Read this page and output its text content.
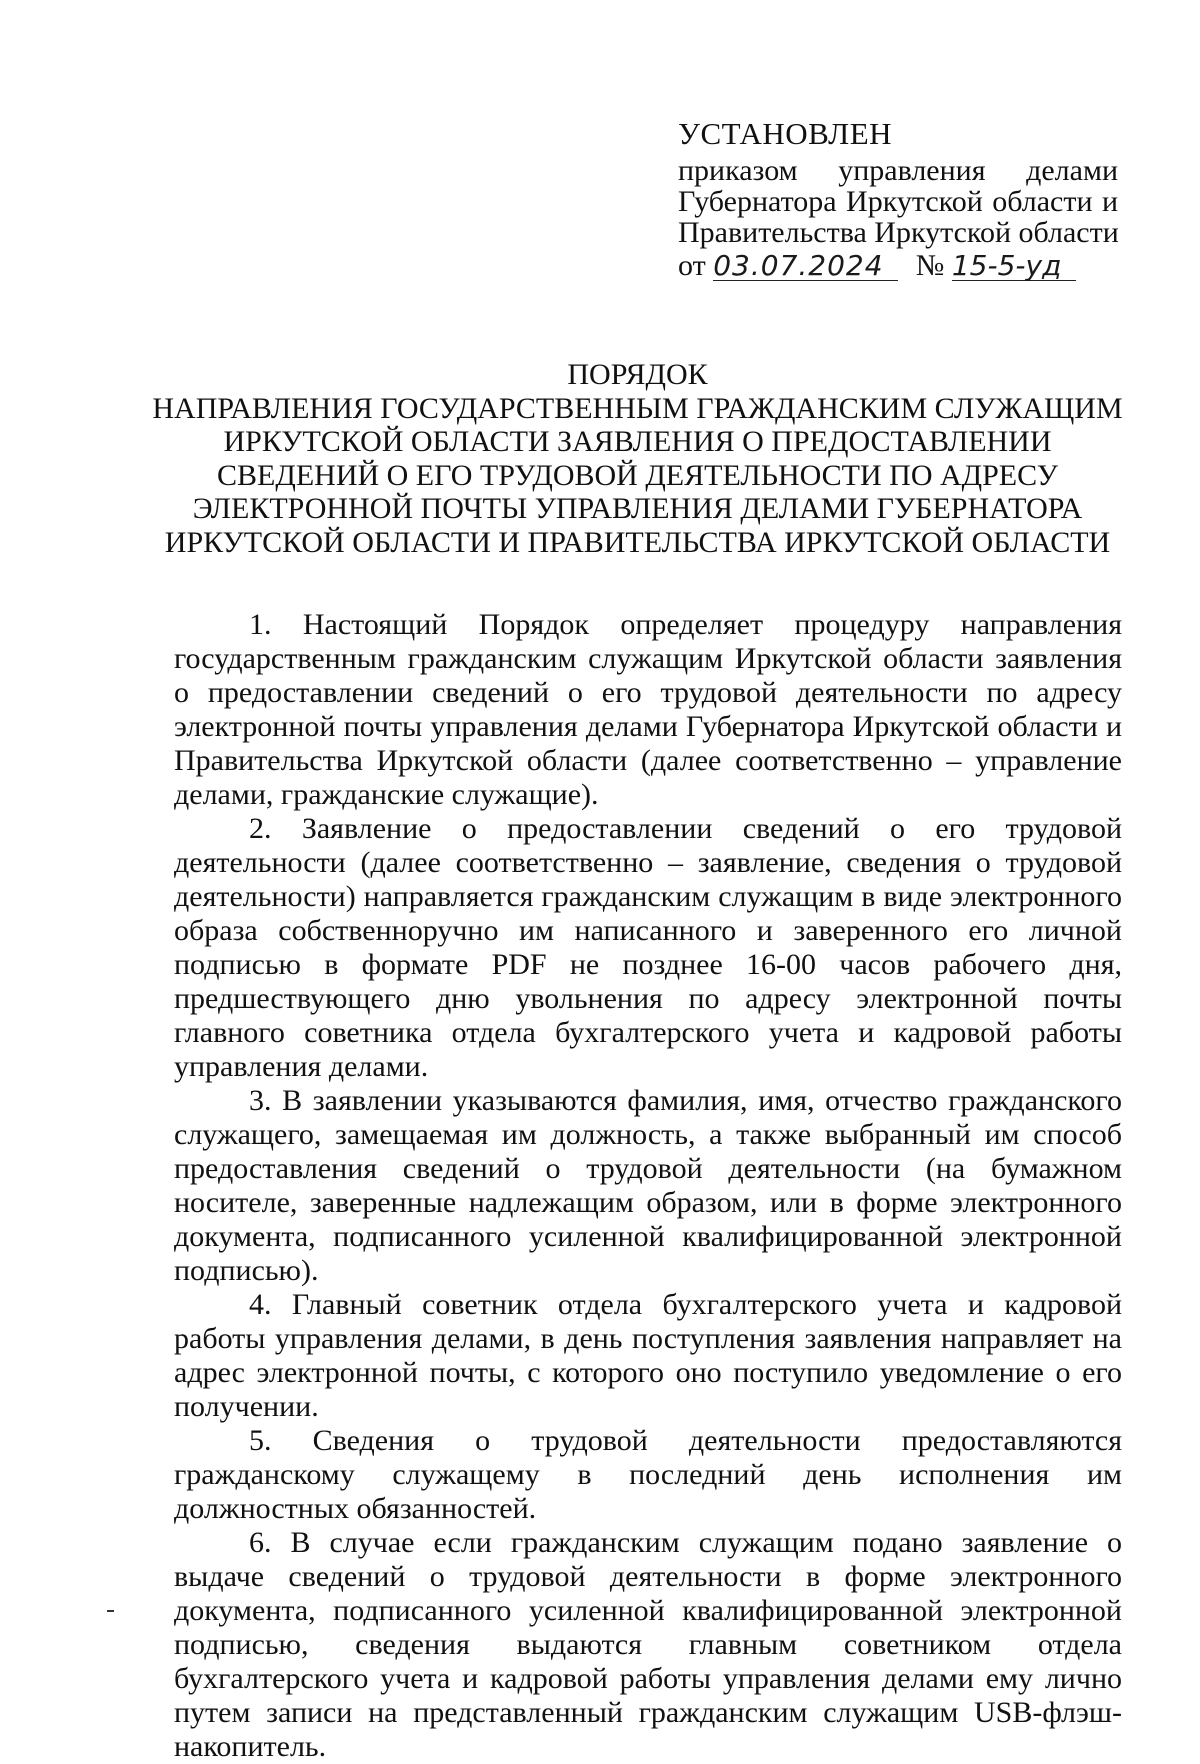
УСТАНОВЛЕН
приказом управления делами
Губернатора Иркутской области и
Правительства Иркутской области
от 03.07.2024 № 15-5-уд
ПОРЯДОК
НАПРАВЛЕНИЯ ГОСУДАРСТВЕННЫМ ГРАЖДАНСКИМ СЛУЖАЩИМ
ИРКУТСКОЙ ОБЛАСТИ ЗАЯВЛЕНИЯ О ПРЕДОСТАВЛЕНИИ
СВЕДЕНИЙ О ЕГО ТРУДОВОЙ ДЕЯТЕЛЬНОСТИ ПО АДРЕСУ
ЭЛЕКТРОННОЙ ПОЧТЫ УПРАВЛЕНИЯ ДЕЛАМИ ГУБЕРНАТОРА
ИРКУТСКОЙ ОБЛАСТИ И ПРАВИТЕЛЬСТВА ИРКУТСКОЙ ОБЛАСТИ

1. Настоящий Порядок определяет процедуру направления государственным гражданским служащим Иркутской области заявления о предоставлении сведений о его трудовой деятельности по адресу электронной почты управления делами Губернатора Иркутской области и Правительства Иркутской области (далее соответственно – управление делами, гражданские служащие).

2. Заявление о предоставлении сведений о его трудовой деятельности (далее соответственно – заявление, сведения о трудовой деятельности) направляется гражданским служащим в виде электронного образа собственноручно им написанного и заверенного его личной подписью в формате PDF не позднее 16-00 часов рабочего дня, предшествующего дню увольнения по адресу электронной почты главного советника отдела бухгалтерского учета и кадровой работы управления делами.

3. В заявлении указываются фамилия, имя, отчество гражданского служащего, замещаемая им должность, а также выбранный им способ предоставления сведений о трудовой деятельности (на бумажном носителе, заверенные надлежащим образом, или в форме электронного документа, подписанного усиленной квалифицированной электронной подписью).

4. Главный советник отдела бухгалтерского учета и кадровой работы управления делами, в день поступления заявления направляет на адрес электронной почты, с которого оно поступило уведомление о его получении.

5. Сведения о трудовой деятельности предоставляются гражданскому служащему в последний день исполнения им должностных обязанностей.

6. В случае если гражданским служащим подано заявление о выдаче сведений о трудовой деятельности в форме электронного документа, подписанного усиленной квалифицированной электронной подписью, сведения выдаются главным советником отдела бухгалтерского учета и кадровой работы управления делами ему лично путем записи на представленный гражданским служащим USB-флэш-накопитель.
